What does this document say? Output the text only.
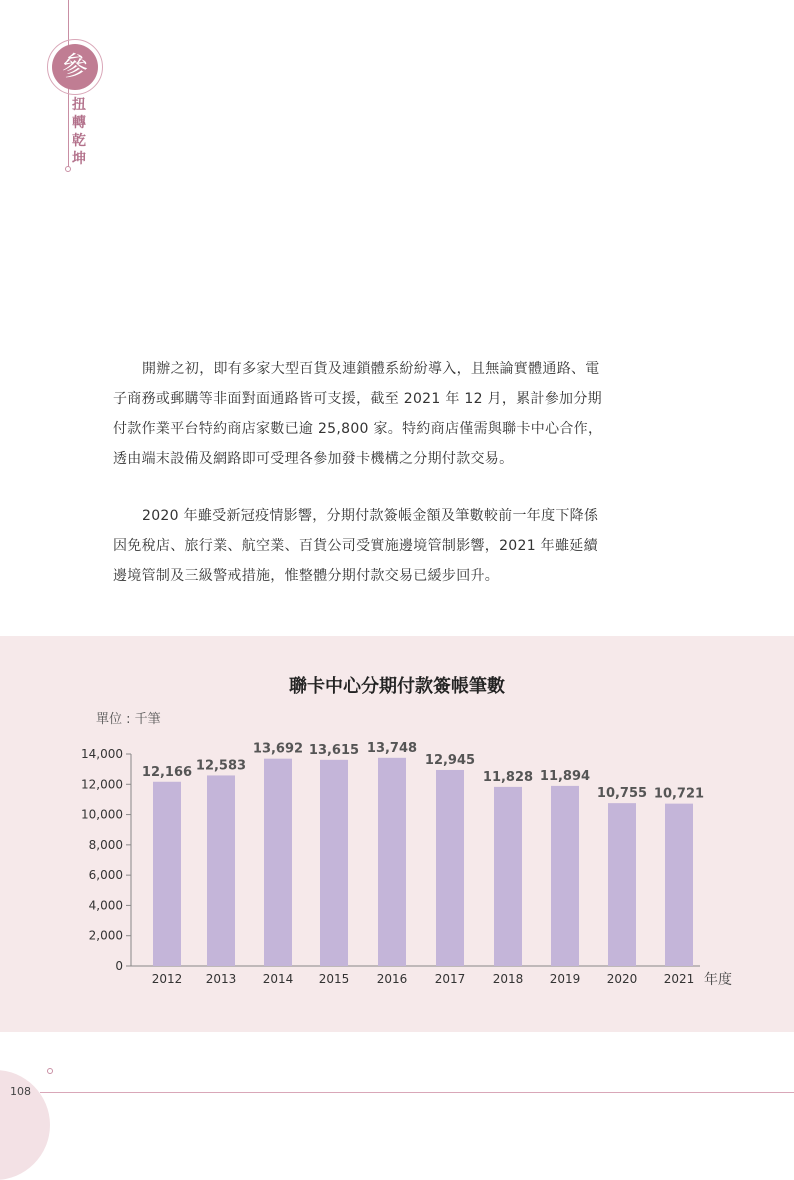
參
扭轉乾坤

開辦之初，即有多家大型百貨及連鎖體系紛紛導入，且無論實體通路、電子商務或郵購等非面對面通路皆可支援，截至 2021 年 12 月，累計參加分期付款作業平台特約商店家數已逾 25,800 家。特約商店僅需與聯卡中心合作，透由端末設備及網路即可受理各參加發卡機構之分期付款交易。

2020 年雖受新冠疫情影響，分期付款簽帳金額及筆數較前一年度下降係因免稅店、旅行業、航空業、百貨公司受實施邊境管制影響，2021 年雖延續邊境管制及三級警戒措施，惟整體分期付款交易已緩步回升。

聯卡中心分期付款簽帳筆數
單位 : 千筆
0
2,000
4,000
6,000
8,000
10,000
12,000
14,000
12,166 12,583
13,692 13,615 13,748
12,945
11,828 11,894
10,755 10,721
2012 2013 2014 2015 2016 2017 2018 2019 2020 2021 年度
108
